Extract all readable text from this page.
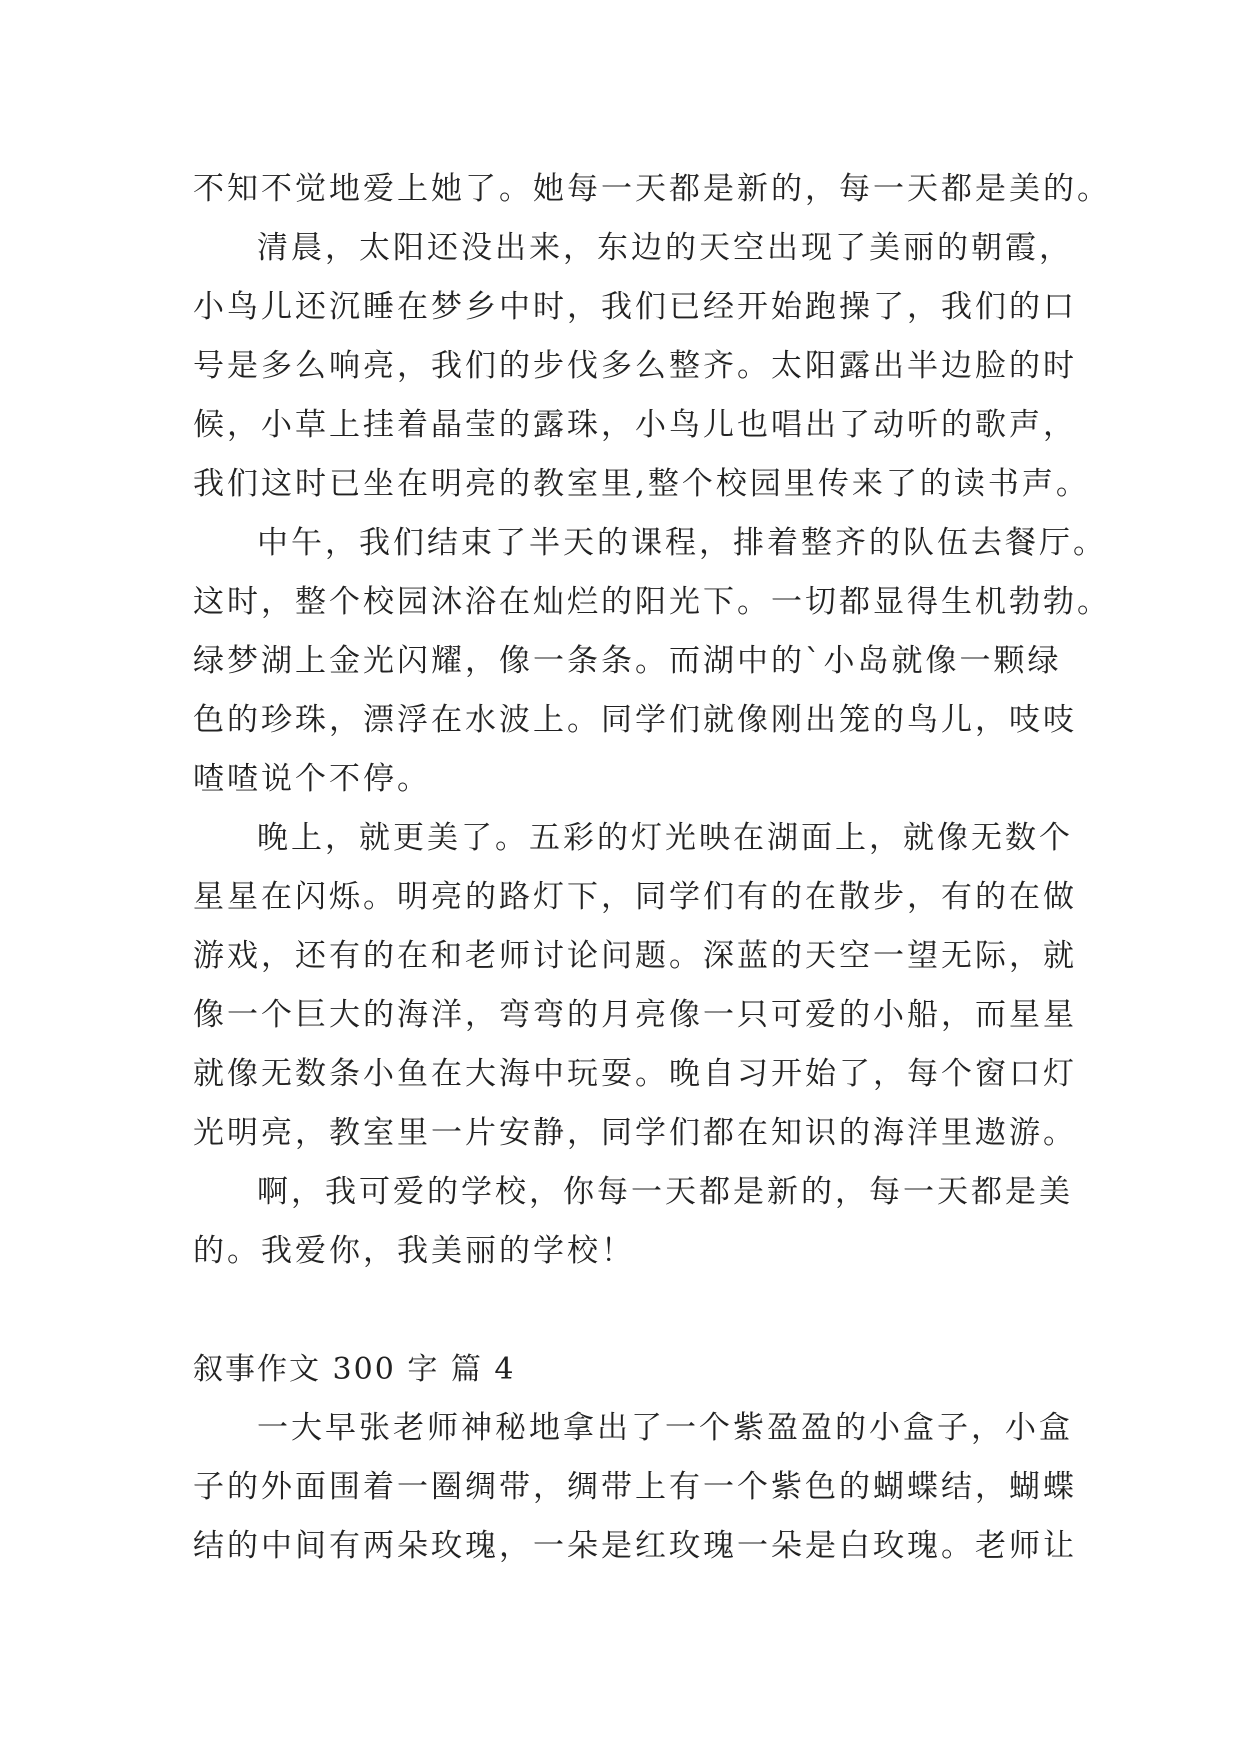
不知不觉地爱上她了。她每一天都是新的，每一天都是美的。
清晨，太阳还没出来，东边的天空出现了美丽的朝霞，
小鸟儿还沉睡在梦乡中时，我们已经开始跑操了，我们的口
号是多么响亮，我们的步伐多么整齐。太阳露出半边脸的时
候，小草上挂着晶莹的露珠，小鸟儿也唱出了动听的歌声，
我们这时已坐在明亮的教室里,整个校园里传来了的读书声。
中午，我们结束了半天的课程，排着整齐的队伍去餐厅。
这时，整个校园沐浴在灿烂的阳光下。一切都显得生机勃勃。
绿梦湖上金光闪耀，像一条条。而湖中的`小岛就像一颗绿
色的珍珠，漂浮在水波上。同学们就像刚出笼的鸟儿，吱吱
喳喳说个不停。
晚上，就更美了。五彩的灯光映在湖面上，就像无数个
星星在闪烁。明亮的路灯下，同学们有的在散步，有的在做
游戏，还有的在和老师讨论问题。深蓝的天空一望无际，就
像一个巨大的海洋，弯弯的月亮像一只可爱的小船，而星星
就像无数条小鱼在大海中玩耍。晚自习开始了，每个窗口灯
光明亮，教室里一片安静，同学们都在知识的海洋里遨游。
啊，我可爱的学校，你每一天都是新的，每一天都是美
的。我爱你，我美丽的学校！
叙事作文 300 字 篇 4
一大早张老师神秘地拿出了一个紫盈盈的小盒子，小盒
子的外面围着一圈绸带，绸带上有一个紫色的蝴蝶结，蝴蝶
结的中间有两朵玫瑰，一朵是红玫瑰一朵是白玫瑰。老师让
